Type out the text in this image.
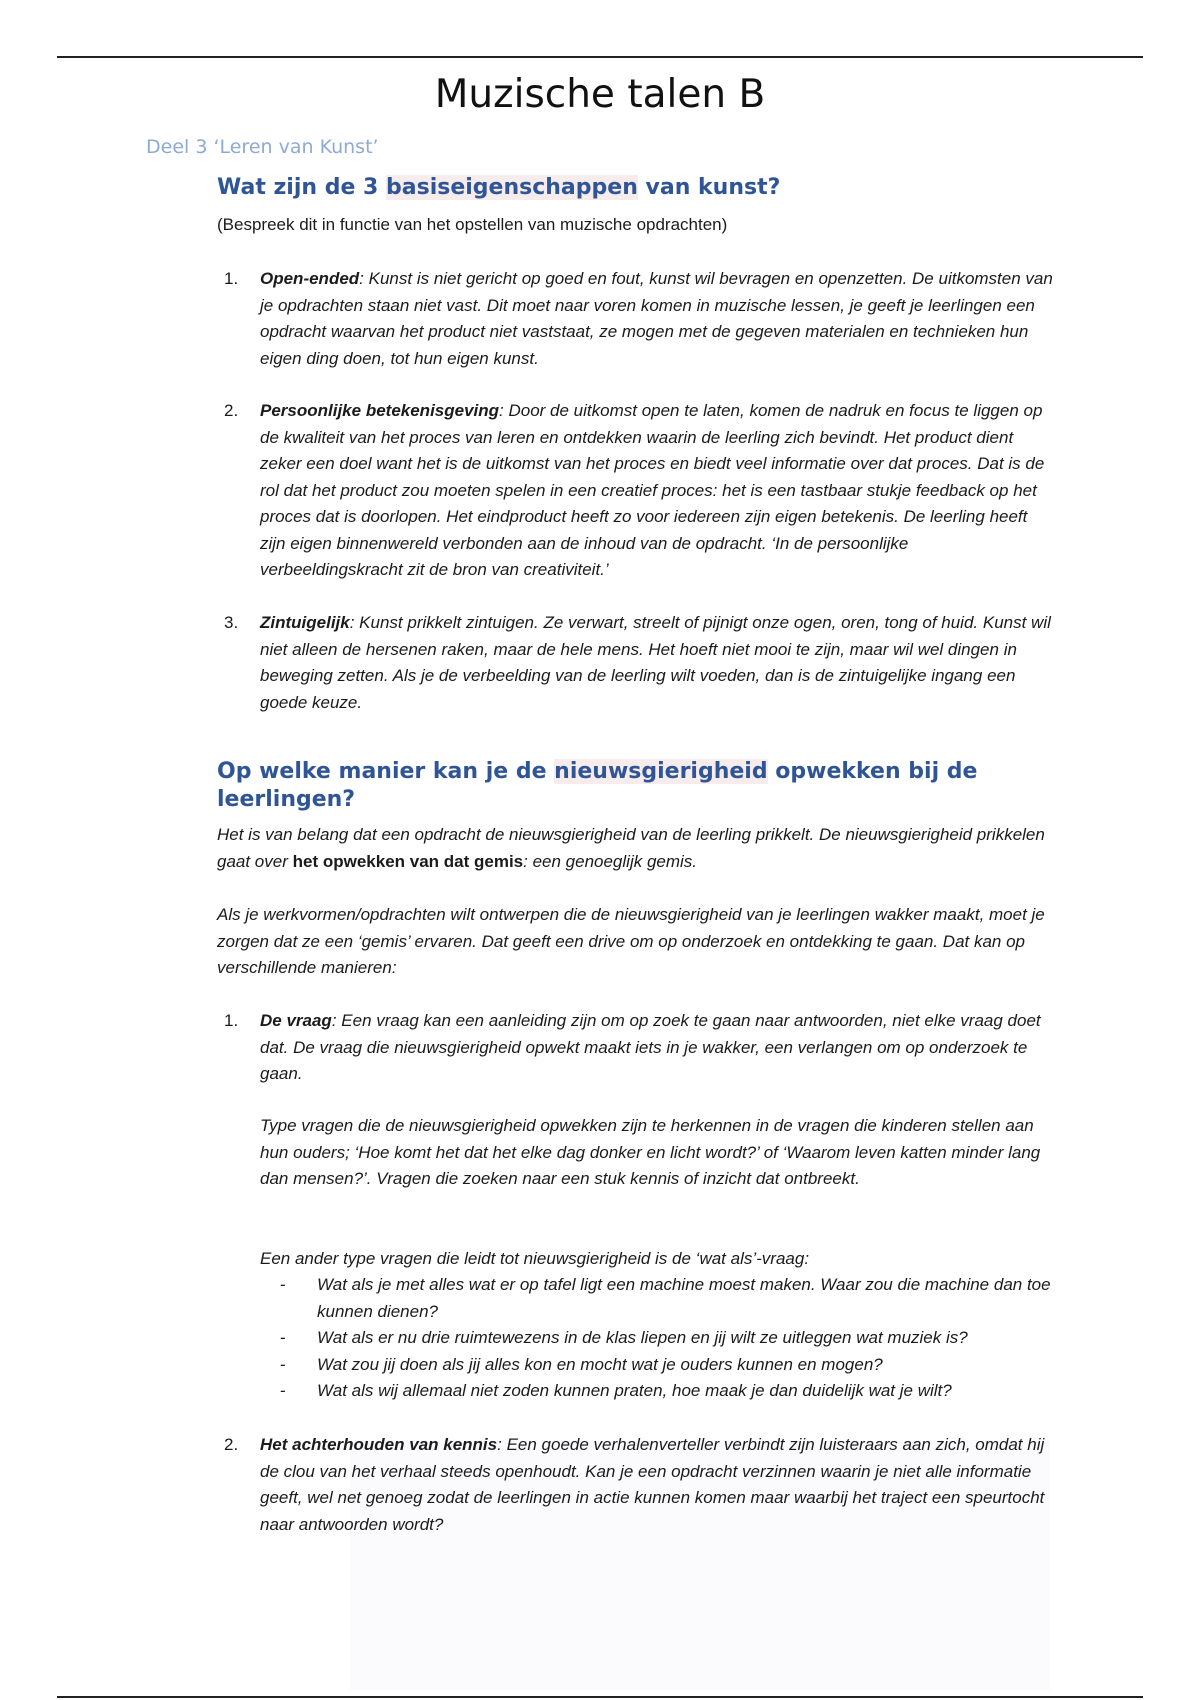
Muzische talen B
Deel 3 ‘Leren van Kunst’
Wat zijn de 3 basiseigenschappen van kunst?

(Bespreek dit in functie van het opstellen van muzische opdrachten)

1. Open-ended: Kunst is niet gericht op goed en fout, kunst wil bevragen en openzetten. De uitkomsten van je opdrachten staan niet vast. Dit moet naar voren komen in muzische lessen, je geeft je leerlingen een opdracht waarvan het product niet vaststaat, ze mogen met de gegeven materialen en technieken hun eigen ding doen, tot hun eigen kunst.
2. Persoonlijke betekenisgeving: Door de uitkomst open te laten, komen de nadruk en focus te liggen op de kwaliteit van het proces van leren en ontdekken waarin de leerling zich bevindt. Het product dient zeker een doel want het is de uitkomst van het proces en biedt veel informatie over dat proces. Dat is de rol dat het product zou moeten spelen in een creatief proces: het is een tastbaar stukje feedback op het proces dat is doorlopen. Het eindproduct heeft zo voor iedereen zijn eigen betekenis. De leerling heeft zijn eigen binnenwereld verbonden aan de inhoud van de opdracht. ‘In de persoonlijke verbeeldingskracht zit de bron van creativiteit.’
3. Zintuigelijk: Kunst prikkelt zintuigen. Ze verwart, streelt of pijnigt onze ogen, oren, tong of huid. Kunst wil niet alleen de hersenen raken, maar de hele mens. Het hoeft niet mooi te zijn, maar wil wel dingen in beweging zetten. Als je de verbeelding van de leerling wilt voeden, dan is de zintuigelijke ingang een goede keuze.
Op welke manier kan je de nieuwsgierigheid opwekken bij de leerlingen?

Het is van belang dat een opdracht de nieuwsgierigheid van de leerling prikkelt. De nieuwsgierigheid prikkelen gaat over het opwekken van dat gemis: een genoeglijk gemis.

Als je werkvormen/opdrachten wilt ontwerpen die de nieuwsgierigheid van je leerlingen wakker maakt, moet je zorgen dat ze een ‘gemis’ ervaren. Dat geeft een drive om op onderzoek en ontdekking te gaan. Dat kan op verschillende manieren:

1. De vraag: Een vraag kan een aanleiding zijn om op zoek te gaan naar antwoorden, niet elke vraag doet dat. De vraag die nieuwsgierigheid opwekt maakt iets in je wakker, een verlangen om op onderzoek te gaan.

Type vragen die de nieuwsgierigheid opwekken zijn te herkennen in de vragen die kinderen stellen aan hun ouders; ‘Hoe komt het dat het elke dag donker en licht wordt?’ of ‘Waarom leven katten minder lang dan mensen?’. Vragen die zoeken naar een stuk kennis of inzicht dat ontbreekt.

Een ander type vragen die leidt tot nieuwsgierigheid is de ‘wat als’-vraag:

- Wat als je met alles wat er op tafel ligt een machine moest maken. Waar zou die machine dan toe kunnen dienen?
- Wat als er nu drie ruimtewezens in de klas liepen en jij wilt ze uitleggen wat muziek is?
- Wat zou jij doen als jij alles kon en mocht wat je ouders kunnen en mogen?
- Wat als wij allemaal niet zoden kunnen praten, hoe maak je dan duidelijk wat je wilt?
2. Het achterhouden van kennis: Een goede verhalenverteller verbindt zijn luisteraars aan zich, omdat hij de clou van het verhaal steeds openhoudt. Kan je een opdracht verzinnen waarin je niet alle informatie geeft, wel net genoeg zodat de leerlingen in actie kunnen komen maar waarbij het traject een speurtocht naar antwoorden wordt?
